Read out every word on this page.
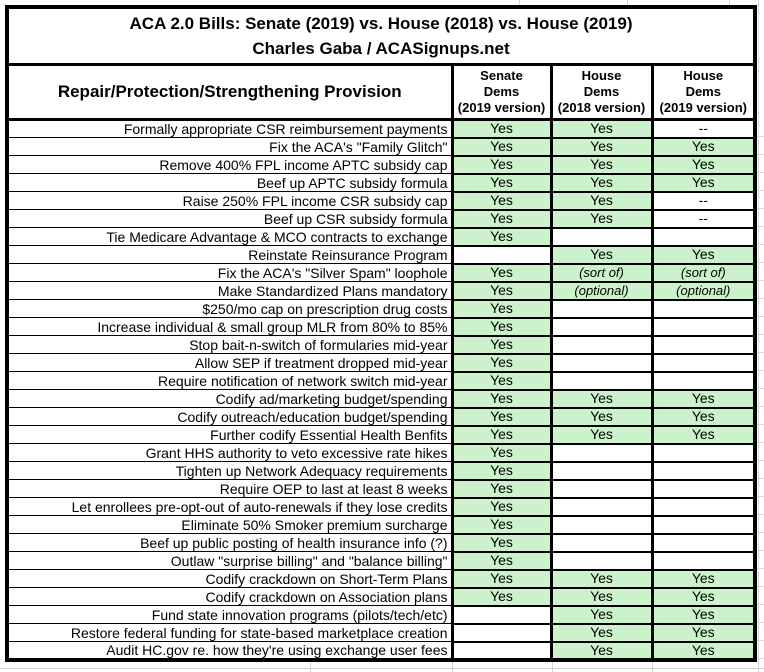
ACA 2.0 Bills: Senate (2019) vs. House (2018) vs. House (2019)
Charles Gaba / ACASignups.net			

Repair/Protection/Strengthening Provision	Senate
Dems
(2019 version)	House
Dems
(2018 version)	House
Dems
(2019 version)

Formally appropriate CSR reimbursement payments	Yes	Yes	--
Fix the ACA's "Family Glitch"	Yes	Yes	Yes
Remove 400% FPL income APTC subsidy cap	Yes	Yes	Yes
Beef up APTC subsidy formula	Yes	Yes	Yes
Raise 250% FPL income CSR subsidy cap	Yes	Yes	--
Beef up CSR subsidy formula	Yes	Yes	--
Tie Medicare Advantage & MCO contracts to exchange	Yes		
Reinstate Reinsurance Program		Yes	Yes
Fix the ACA's "Silver Spam" loophole	Yes	(sort of)	(sort of)
Make Standardized Plans mandatory	Yes	(optional)	(optional)
$250/mo cap on prescription drug costs	Yes		
Increase individual & small group MLR from 80% to 85%	Yes		
Stop bait-n-switch of formularies mid-year	Yes		
Allow SEP if treatment dropped mid-year	Yes		
Require notification of network switch mid-year	Yes		
Codify ad/marketing budget/spending	Yes	Yes	Yes
Codify outreach/education budget/spending	Yes	Yes	Yes
Further codify Essential Health Benfits	Yes	Yes	Yes
Grant HHS authority to veto excessive rate hikes	Yes		
Tighten up Network Adequacy requirements	Yes		
Require OEP to last at least 8 weeks	Yes		
Let enrollees pre-opt-out of auto-renewals if they lose credits	Yes		
Eliminate 50% Smoker premium surcharge	Yes		
Beef up public posting of health insurance info (?)	Yes		
Outlaw "surprise billing" and "balance billing"	Yes		
Codify crackdown on Short-Term Plans	Yes	Yes	Yes
Codify crackdown on Association plans	Yes	Yes	Yes
Fund state innovation programs (pilots/tech/etc)		Yes	Yes
Restore federal funding for state-based marketplace creation		Yes	Yes
Audit HC.gov re. how they're using exchange user fees		Yes	Yes
